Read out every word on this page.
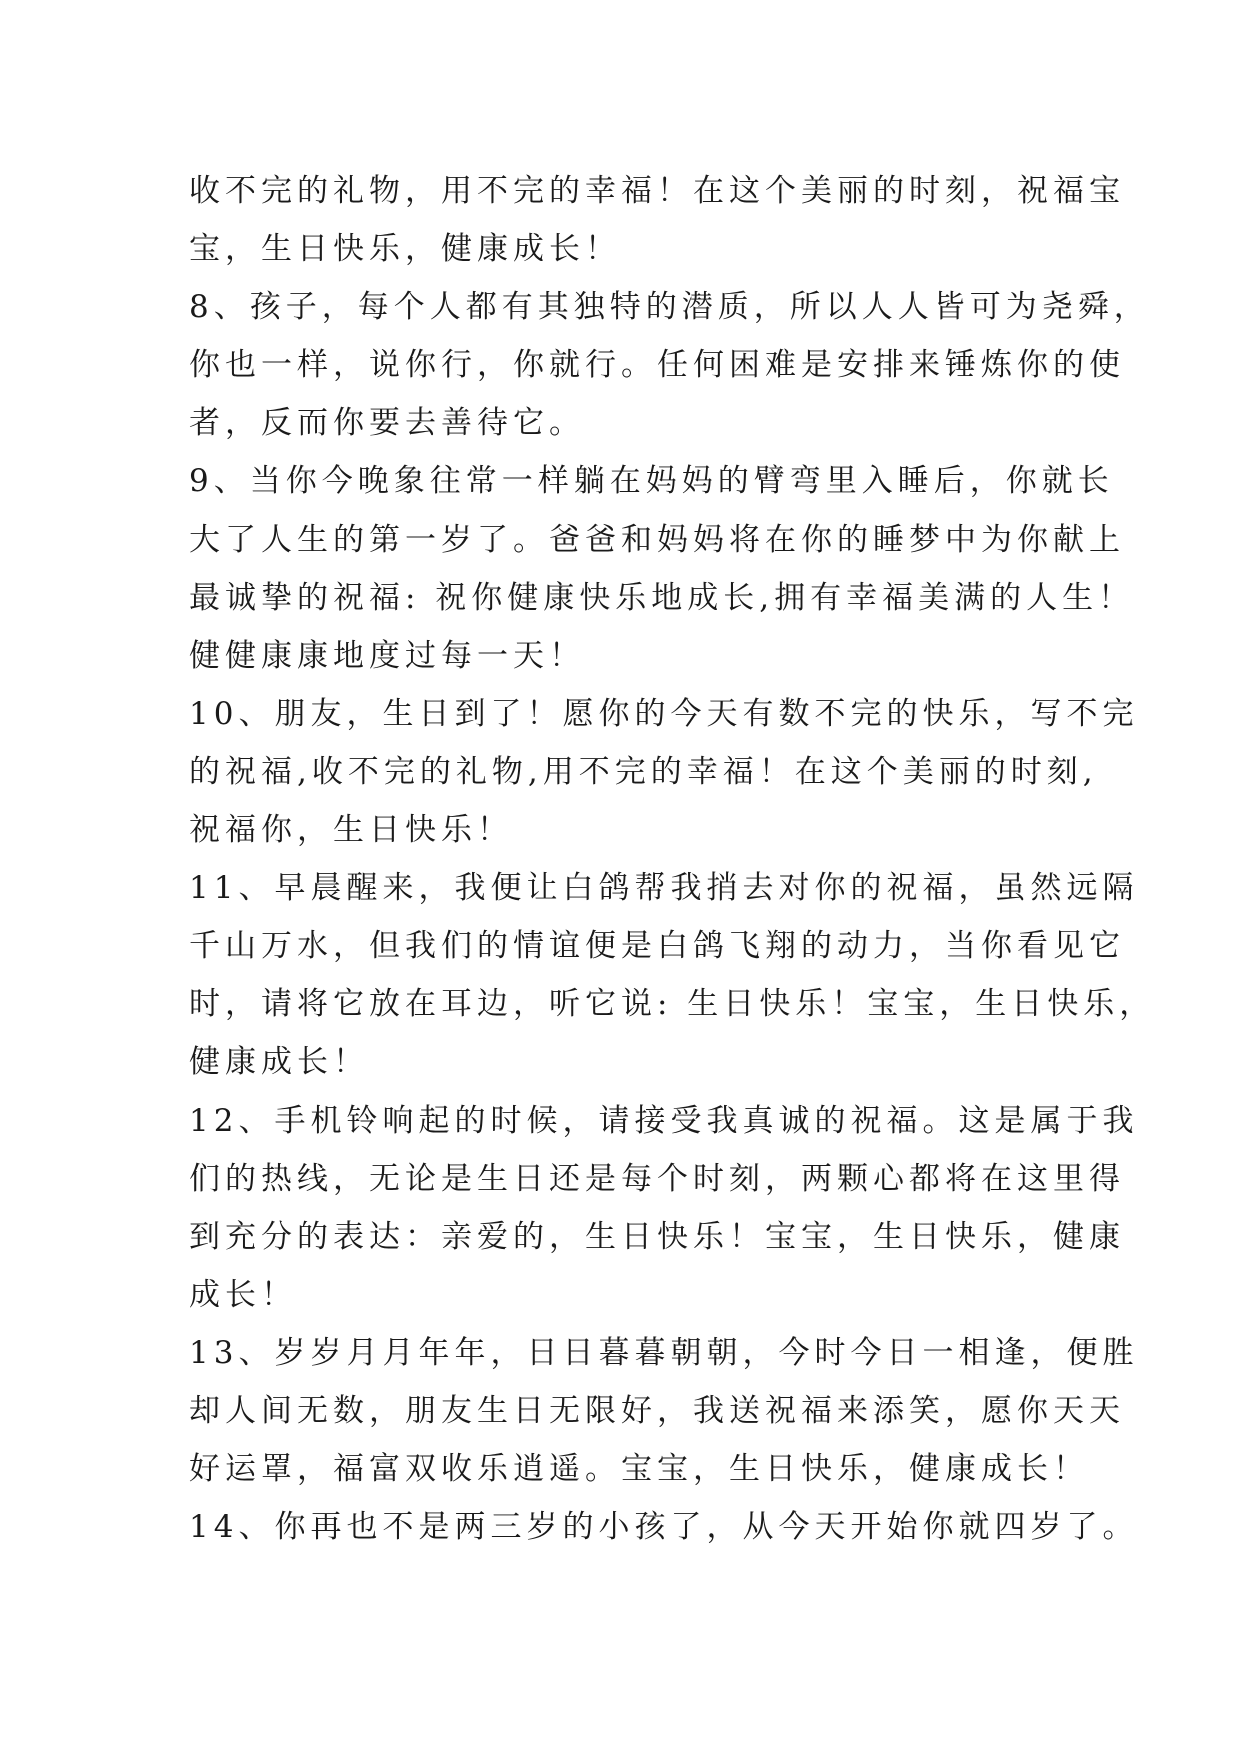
收不完的礼物，用不完的幸福！在这个美丽的时刻，祝福宝
宝，生日快乐，健康成长！
8、孩子，每个人都有其独特的潜质，所以人人皆可为尧舜，
你也一样，说你行，你就行。任何困难是安排来锤炼你的使
者，反而你要去善待它。
9、当你今晚象往常一样躺在妈妈的臂弯里入睡后，你就长
大了人生的第一岁了。爸爸和妈妈将在你的睡梦中为你献上
最诚挚的祝福: 祝你健康快乐地成长,拥有幸福美满的人生！
健健康康地度过每一天！
10、朋友，生日到了！愿你的今天有数不完的快乐，写不完
的祝福,收不完的礼物,用不完的幸福！在这个美丽的时刻,
祝福你，生日快乐！
11、早晨醒来，我便让白鸽帮我捎去对你的祝福，虽然远隔
千山万水，但我们的情谊便是白鸽飞翔的动力，当你看见它
时，请将它放在耳边，听它说: 生日快乐！宝宝，生日快乐，
健康成长！
12、手机铃响起的时候，请接受我真诚的祝福。这是属于我
们的热线，无论是生日还是每个时刻，两颗心都将在这里得
到充分的表达：亲爱的，生日快乐！宝宝，生日快乐，健康
成长！
13、岁岁月月年年，日日暮暮朝朝，今时今日一相逢，便胜
却人间无数，朋友生日无限好，我送祝福来添笑，愿你天天
好运罩，福富双收乐逍遥。宝宝，生日快乐，健康成长！
14、你再也不是两三岁的小孩了，从今天开始你就四岁了。
